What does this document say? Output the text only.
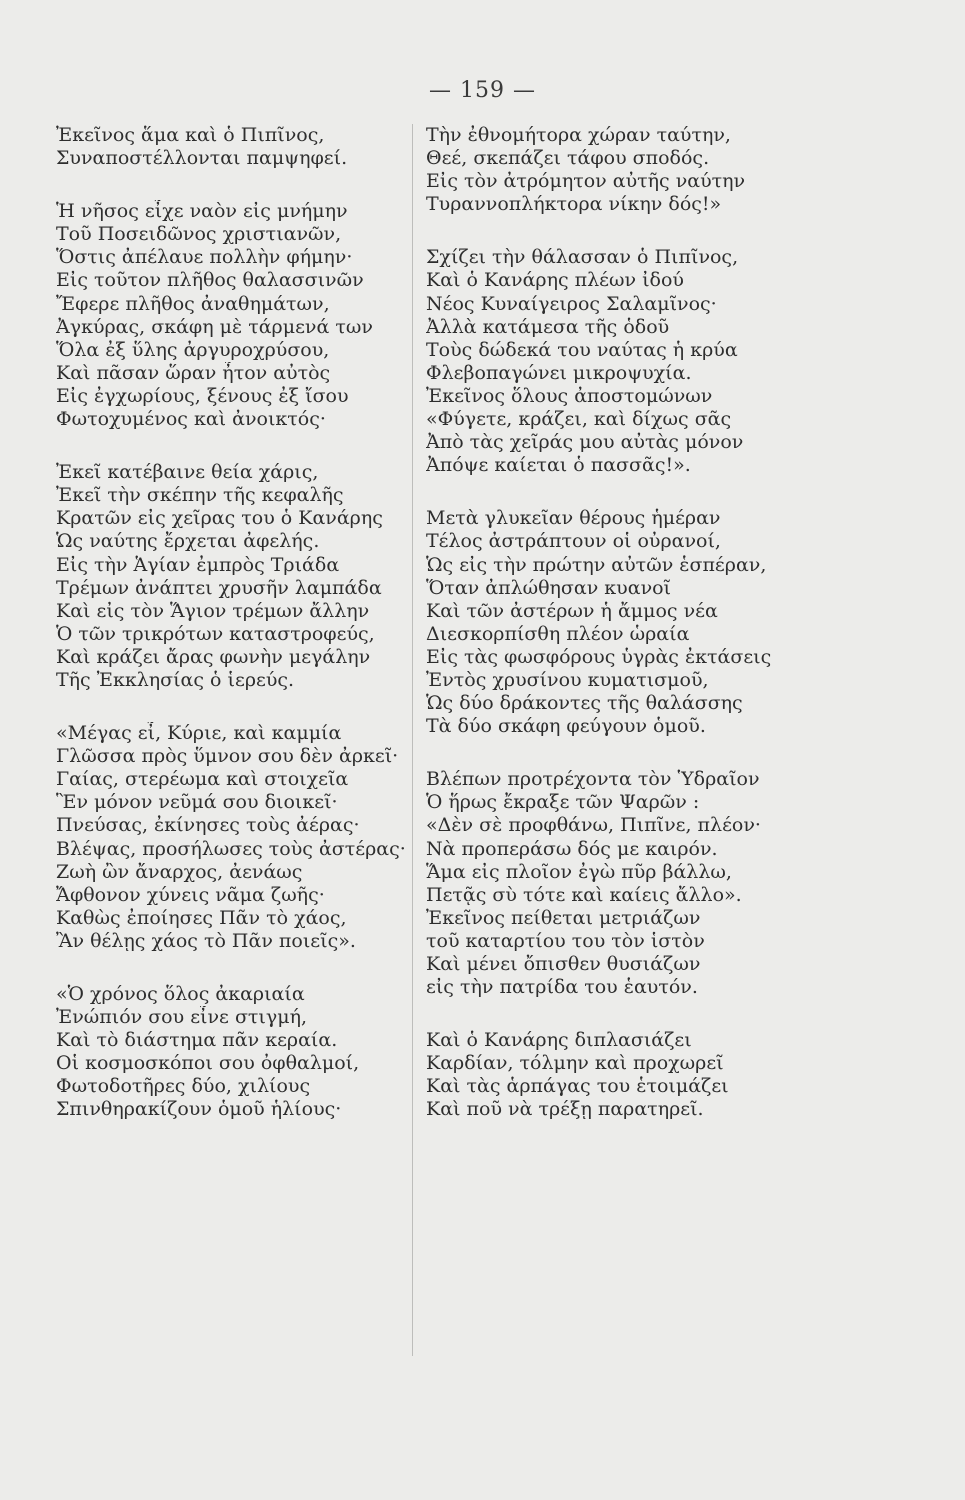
— 159 —
Ἐκεῖνος ἅμα καὶ ὁ Πιπῖνος,
Συναποστέλλονται παμψηφεί.
Ἡ νῆσος εἶχε ναὸν εἰς μνήμην
Τοῦ Ποσειδῶνος χριστιανῶν,
Ὅστις ἀπέλαυε πολλὴν φήμην·
Εἰς τοῦτον πλῆθος θαλασσινῶν
Ἔφερε πλῆθος ἀναθημάτων,
Ἀγκύρας, σκάφη μὲ τάρμενά των
Ὅλα ἐξ ὕλης ἀργυροχρύσου,
Καὶ πᾶσαν ὥραν ἦτον αὐτὸς
Εἰς ἐγχωρίους, ξένους ἐξ ἴσου
Φωτοχυμένος καὶ ἀνοικτός·
Ἐκεῖ κατέβαινε θεία χάρις,
Ἐκεῖ τὴν σκέπην τῆς κεφαλῆς
Κρατῶν εἰς χεῖρας του ὁ Κανάρης
Ὡς ναύτης ἔρχεται ἀφελής.
Εἰς τὴν Ἁγίαν ἐμπρὸς Τριάδα
Τρέμων ἀνάπτει χρυσῆν λαμπάδα
Καὶ εἰς τὸν Ἅγιον τρέμων ἄλλην
Ὁ τῶν τρικρότων καταστροφεύς,
Καὶ κράζει ἄρας φωνὴν μεγάλην
Τῆς Ἐκκλησίας ὁ ἱερεύς.
«Μέγας εἶ, Κύριε, καὶ καμμία
Γλῶσσα πρὸς ὕμνον σου δὲν ἀρκεῖ·
Γαίας, στερέωμα καὶ στοιχεῖα
Ἓν μόνον νεῦμά σου διοικεῖ·
Πνεύσας, ἐκίνησες τοὺς ἀέρας·
Βλέψας, προσήλωσες τοὺς ἀστέρας·
Ζωὴ ὢν ἄναρχος, ἀενάως
Ἄφθονον χύνεις νᾶμα ζωῆς·
Καθὼς ἐποίησες Πᾶν τὸ χάος,
Ἂν θέλῃς χάος τὸ Πᾶν ποιεῖς».
«Ὁ χρόνος ὅλος ἀκαριαία
Ἐνώπιόν σου εἶνε στιγμή,
Καὶ τὸ διάστημα πᾶν κεραία.
Οἱ κοσμοσκόποι σου ὀφθαλμοί,
Φωτοδοτῆρες δύο, χιλίους
Σπινθηρακίζουν ὁμοῦ ἡλίους·
Τὴν ἐθνομήτορα χώραν ταύτην,
Θεέ, σκεπάζει τάφου σποδός.
Εἰς τὸν ἀτρόμητον αὐτῆς ναύτην
Τυραννοπλήκτορα νίκην δός!»
Σχίζει τὴν θάλασσαν ὁ Πιπῖνος,
Καὶ ὁ Κανάρης πλέων ἰδού
Νέος Κυναίγειρος Σαλαμῖνος·
Ἀλλὰ κατάμεσα τῆς ὁδοῦ
Τοὺς δώδεκά του ναύτας ἡ κρύα
Φλεβοπαγώνει μικροψυχία.
Ἐκεῖνος ὅλους ἀποστομώνων
«Φύγετε, κράζει, καὶ δίχως σᾶς
Ἀπὸ τὰς χεῖράς μου αὐτὰς μόνον
Ἀπόψε καίεται ὁ πασσᾶς!».
Μετὰ γλυκεῖαν θέρους ἡμέραν
Τέλος ἀστράπτουν οἱ οὐρανοί,
Ὡς εἰς τὴν πρώτην αὐτῶν ἑσπέραν,
Ὅταν ἀπλώθησαν κυανοῖ
Καὶ τῶν ἀστέρων ἡ ἄμμος νέα
Διεσκορπίσθη πλέον ὡραία
Εἰς τὰς φωσφόρους ὑγρὰς ἐκτάσεις
Ἐντὸς χρυσίνου κυματισμοῦ,
Ὡς δύο δράκοντες τῆς θαλάσσης
Τὰ δύο σκάφη φεύγουν ὁμοῦ.
Βλέπων προτρέχοντα τὸν Ὑδραῖον
Ὁ ἥρως ἔκραξε τῶν Ψαρῶν :
«Δὲν σὲ προφθάνω, Πιπῖνε, πλέον·
Νὰ προπεράσω δός με καιρόν.
Ἅμα εἰς πλοῖον ἐγὼ πῦρ βάλλω,
Πετᾷς σὺ τότε καὶ καίεις ἄλλο».
Ἐκεῖνος πείθεται μετριάζων
τοῦ καταρτίου του τὸν ἱστὸν
Καὶ μένει ὄπισθεν θυσιάζων
εἰς τὴν πατρίδα του ἑαυτόν.
Καὶ ὁ Κανάρης διπλασιάζει
Καρδίαν, τόλμην καὶ προχωρεῖ
Καὶ τὰς ἁρπάγας του ἑτοιμάζει
Καὶ ποῦ νὰ τρέξῃ παρατηρεῖ.
